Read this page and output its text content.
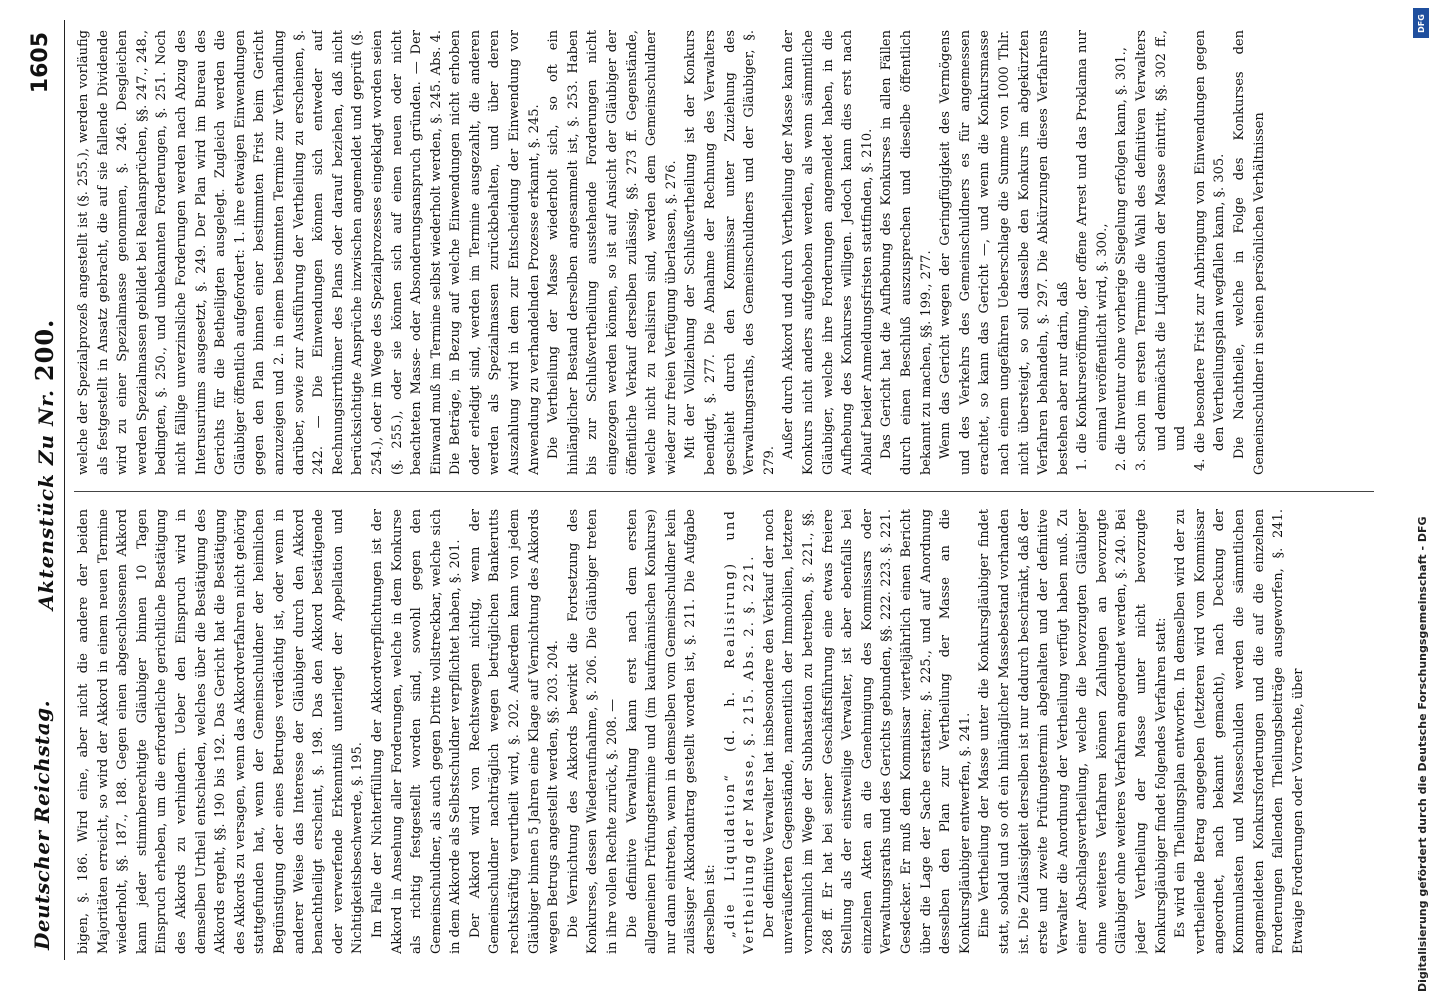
Deutscher Reichstag.
Aktenstück Zu Nr. 200.
1605

bigen, §. 186. Wird eine, aber nicht die andere der beiden Majoritäten erreicht, so wird der Akkord in einem neuen Termine wiederholt, §§. 187., 188. Gegen einen abgeschlossenen Akkord kann jeder stimmberechtigte Gläubiger binnen 10 Tagen Einspruch erheben, um die erforderliche gerichtliche Bestätigung des Akkords zu verhindern. Ueber den Einspruch wird in demselben Urtheil entschieden, welches über die Bestätigung des Akkords ergeht, §§. 190 bis 192. Das Gericht hat die Bestätigung des Akkords zu versagen, wenn das Akkordverfahren nicht gehörig stattgefunden hat, wenn der Gemeinschuldner der heimlichen Begünstigung oder eines Betruges verdächtig ist, oder wenn in anderer Weise das Interesse der Gläubiger durch den Akkord benachtheiligt erscheint, §. 198. Das den Akkord bestätigende oder verwerfende Erkenntniß unterliegt der Appellation und Nichtigkeitsbeschwerde, §. 195. Im Falle der Nichterfüllung der Akkordverpflichtungen ist der Akkord in Ansehung aller Forderungen, welche in dem Konkurse als richtig festgestellt worden sind, sowohl gegen den Gemeinschuldner, als auch gegen Dritte vollstreckbar, welche sich in dem Akkorde als Selbstschuldner verpflichtet haben, §. 201. Der Akkord wird von Rechtswegen nichtig, wenn der Gemeinschuldner nachträglich wegen betrüglichen Bankerutts rechtskräftig verurtheilt wird, §. 202. Außerdem kann von jedem Gläubiger binnen 5 Jahren eine Klage auf Vernichtung des Akkords wegen Betrugs angestellt werden, §§. 203. 204. Die Vernichtung des Akkords bewirkt die Fortsetzung des Konkurses, dessen Wiederaufnahme, §. 206. Die Gläubiger treten in ihre vollen Rechte zurück, §. 208. — Die definitive Verwaltung kann erst nach dem ersten allgemeinen Prüfungstermine und (im kaufmännischen Konkurse) nur dann eintreten, wenn in demselben vom Gemeinschuldner kein zulässiger Akkordantrag gestellt worden ist, §. 211. Die Aufgabe derselben ist: „die Liquidation“ (d. h. Realisirung) und Vertheilung der Masse, §. 215. Abs. 2. §. 221. Der definitive Verwalter hat insbesondere den Verkauf der noch unveräußerten Gegenstände, namentlich der Immobilien, letztere vornehmlich im Wege der Subhastation zu betreiben, §. 221., §§. 268 ff. Er hat bei seiner Geschäftsführung eine etwas freiere Stellung als der einstweilige Verwalter, ist aber ebenfalls bei einzelnen Akten an die Genehmigung des Kommissars oder Verwaltungsraths und des Gerichts gebunden, §§. 222. 223. §. 221. Gesdecker. Er muß dem Kommissar vierteljährlich einen Bericht über die Lage der Sache erstatten; §. 225., und auf Anordnung desselben den Plan zur Vertheilung der Masse an die Konkursgläubiger entwerfen, §. 241. Eine Vertheilung der Masse unter die Konkursgläubiger findet statt, sobald und so oft ein hinlänglicher Massebestand vorhanden ist. Die Zulässigkeit derselben ist nur dadurch beschränkt, daß der erste und zweite Prüfungstermin abgehalten und der definitive Verwalter die Anordnung der Vertheilung verfügt haben muß. Zu einer Abschlagsvertheilung, welche die bevorzugten Gläubiger ohne weiteres Verfahren können Zahlungen an bevorzugte Gläubiger ohne weiteres Verfahren angeordnet werden, §. 240. Bei jeder Vertheilung der Masse unter nicht bevorzugte Konkursgläubiger findet folgendes Verfahren statt: Es wird ein Theilungsplan entworfen. In demselben wird der zu vertheilende Betrag angegeben (letzteren wird vom Kommissar angeordnet, nach bekannt gemacht), nach Deckung der Kommunlasten und Masseschulden werden die sämmtlichen angemeldeten Konkursforderungen und die auf die einzelnen Forderungen fallenden Theilungsbeiträge ausgeworfen, §. 241. Etwaige Forderungen oder Vorrechte, über

welche der Spezialprozeß angestellt ist (§. 255.), werden vorläufig als festgestellt in Ansatz gebracht, die auf sie fallende Dividende wird zu einer Spezialmasse genommen, §. 246. Desgleichen werden Spezialmassen gebildet bei Realansprüchen, §§. 247., 248., bedingten, §. 250., und unbekannten Forderungen, §. 251. Noch nicht fällige unverzinsliche Forderungen werden nach Abzug des Interusuriums ausgesetzt, §. 249. Der Plan wird im Bureau des Gerichts für die Betheiligten ausgelegt. Zugleich werden die Gläubiger öffentlich aufgefordert: 1. ihre etwaigen Einwendungen gegen den Plan binnen einer bestimmten Frist beim Gericht anzuzeigen und 2. in einem bestimmten Termine zur Verhandlung darüber, sowie zur Ausführung der Vertheilung zu erscheinen, §. 242. — Die Einwendungen können sich entweder auf Rechnungsirrthümer des Plans oder darauf beziehen, daß nicht berücksichtigte Ansprüche inzwischen angemeldet und geprüft (§. 254.), oder im Wege des Spezialprozesses eingeklagt worden seien (§. 255.), oder sie können sich auf einen neuen oder nicht beachteten Masse- oder Absonderungsanspruch gründen. — Der Einwand muß im Termine selbst wiederholt werden, §. 245. Abs. 4. Die Beträge, in Bezug auf welche Einwendungen nicht erhoben oder erledigt sind, werden im Termine ausgezahlt, die anderen werden als Spezialmassen zurückbehalten, und über deren Auszahlung wird in dem zur Entscheidung der Einwendung vor Anwendung zu verhandelnden Prozesse erkannt, §. 245. Die Vertheilung der Masse wiederholt sich, so oft ein hinlänglicher Bestand derselben angesammelt ist, §. 253. Haben bis zur Schlußvertheilung ausstehende Forderungen nicht eingezogen werden können, so ist auf Ansicht der Gläubiger der öffentliche Verkauf derselben zulässig, §§. 273 ff. Gegenstände, welche nicht zu realisiren sind, werden dem Gemeinschuldner wieder zur freien Verfügung überlassen, §. 276. Mit der Vollziehung der Schlußvertheilung ist der Konkurs beendigt, §. 277. Die Abnahme der Rechnung des Verwalters geschieht durch den Kommissar unter Zuziehung des Verwaltungsraths, des Gemeinschuldners und der Gläubiger, §. 279.

Außer durch Akkord und durch Vertheilung der Masse kann der Konkurs nicht anders aufgehoben werden, als wenn sämmtliche Gläubiger, welche ihre Forderungen angemeldet haben, in die Aufhebung des Konkurses willigen. Jedoch kann dies erst nach Ablauf beider Anmeldungsfristen stattfinden, §. 210. Das Gericht hat die Aufhebung des Konkurses in allen Fällen durch einen Beschluß auszusprechen und dieselbe öffentlich bekannt zu machen, §§. 199., 277. Wenn das Gericht wegen der Geringfügigkeit des Vermögens und des Verkehrs des Gemeinschuldners es für angemessen erachtet, so kann das Gericht —, und wenn die Konkursmasse nach einem ungefähren Ueberschlage die Summe von 1000 Thlr. nicht übersteigt, so soll dasselbe den Konkurs im abgekürzten Verfahren behandeln, §. 297. Die Abkürzungen dieses Verfahrens bestehen aber nur darin, daß 1. die Konkurseröffnung, der offene Arrest und das Proklama nur einmal veröffentlicht wird, §. 300., 2. die Inventur ohne vorherige Siegelung erfolgen kann, §. 301., 3. schon im ersten Termine die Wahl des definitiven Verwalters und demnächst die Liquidation der Masse eintritt, §§. 302 ff., und 4. die besondere Frist zur Anbringung von Einwendungen gegen den Vertheilungsplan wegfallen kann, §. 305. Die Nachtheile, welche in Folge des Konkurses den Gemeinschuldner in seinen persönlichen Verhältnissen

Digitalisierung gefördert durch die Deutsche Forschungsgemeinschaft - DFG
DFG
